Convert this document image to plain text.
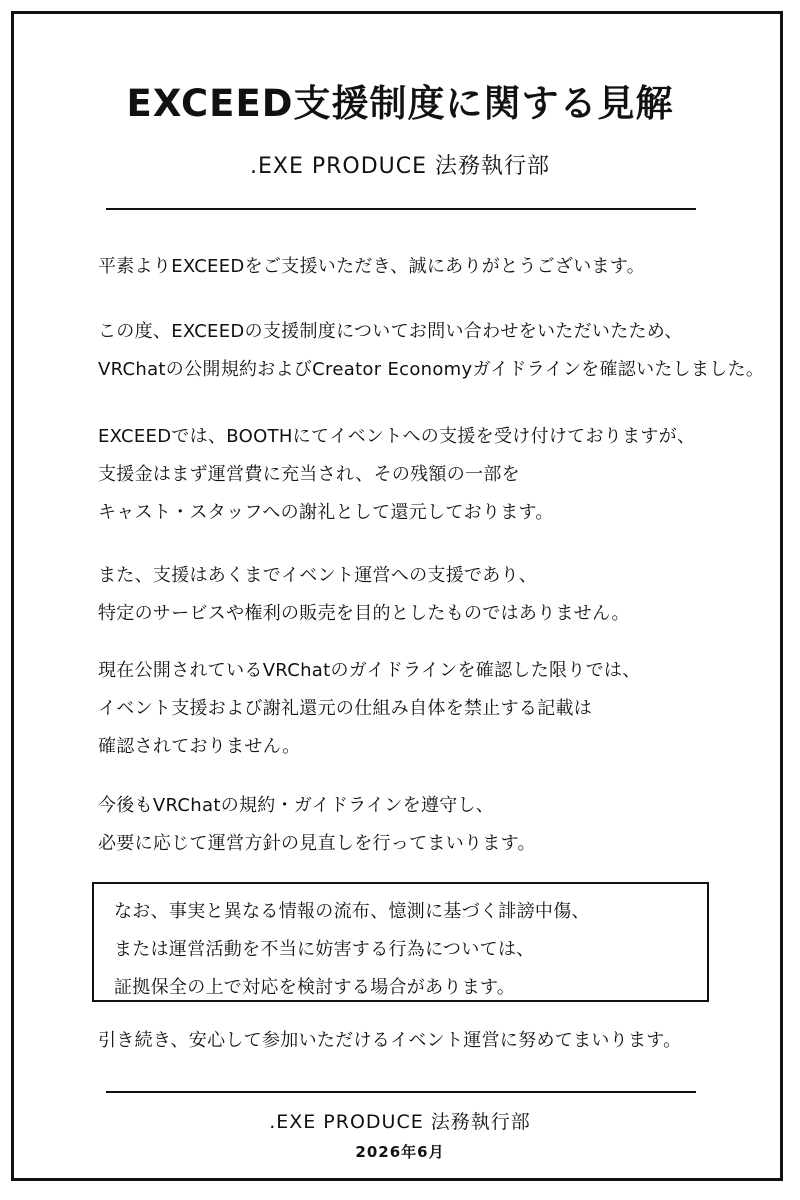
EXCEED支援制度に関する見解
.EXE PRODUCE 法務執行部

平素よりEXCEEDをご支援いただき、誠にありがとうございます。

この度、EXCEEDの支援制度についてお問い合わせをいただいたため、
VRChatの公開規約およびCreator Economyガイドラインを確認いたしました。

EXCEEDでは、BOOTHにてイベントへの支援を受け付けておりますが、
支援金はまず運営費に充当され、その残額の一部を
キャスト・スタッフへの謝礼として還元しております。

また、支援はあくまでイベント運営への支援であり、
特定のサービスや権利の販売を目的としたものではありません。

現在公開されているVRChatのガイドラインを確認した限りでは、
イベント支援および謝礼還元の仕組み自体を禁止する記載は
確認されておりません。

今後もVRChatの規約・ガイドラインを遵守し、
必要に応じて運営方針の見直しを行ってまいります。

なお、事実と異なる情報の流布、憶測に基づく誹謗中傷、
または運営活動を不当に妨害する行為については、
証拠保全の上で対応を検討する場合があります。

引き続き、安心して参加いただけるイベント運営に努めてまいります。

.EXE PRODUCE 法務執行部
2026年6月
